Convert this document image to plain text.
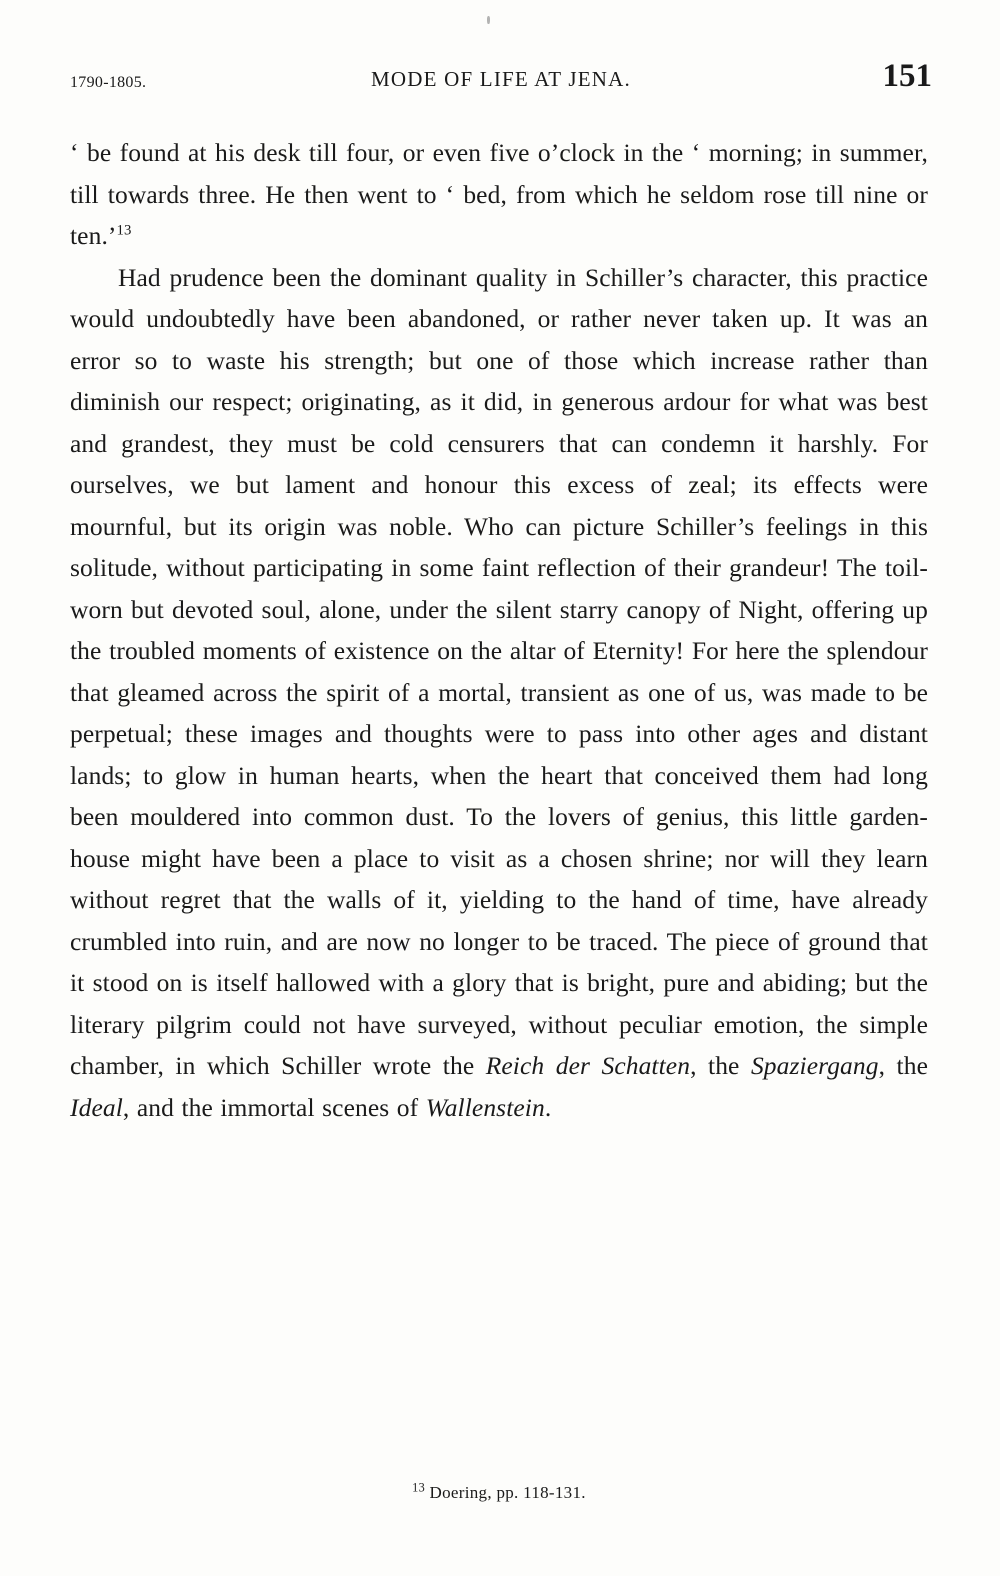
1790-1805.	MODE OF LIFE AT JENA.	151

‘ be found at his desk till four, or even five o’clock in the ‘ morning; in summer, till towards three. He then went to ‘ bed, from which he seldom rose till nine or ten.’$^{13}$

Had prudence been the dominant quality in Schiller’s character, this practice would undoubtedly have been abandoned, or rather never taken up. It was an error so to waste his strength; but one of those which increase rather than diminish our respect; originating, as it did, in generous ardour for what was best and grandest, they must be cold censurers that can condemn it harshly. For ourselves, we but lament and honour this excess of zeal; its effects were mournful, but its origin was noble. Who can picture Schiller’s feelings in this solitude, without participating in some faint reflection of their grandeur! The toil-worn but devoted soul, alone, under the silent starry canopy of Night, offering up the troubled moments of existence on the altar of Eternity! For here the splendour that gleamed across the spirit of a mortal, transient as one of us, was made to be perpetual; these images and thoughts were to pass into other ages and distant lands; to glow in human hearts, when the heart that conceived them had long been mouldered into common dust. To the lovers of genius, this little garden-house might have been a place to visit as a chosen shrine; nor will they learn without regret that the walls of it, yielding to the hand of time, have already crumbled into ruin, and are now no longer to be traced. The piece of ground that it stood on is itself hallowed with a glory that is bright, pure and abiding; but the literary pilgrim could not have surveyed, without peculiar emotion, the simple chamber, in which Schiller wrote the Reich der Schatten, the Spaziergang, the Ideal, and the immortal scenes of Wallenstein.

$^{13}$ Doering, pp. 118-131.
